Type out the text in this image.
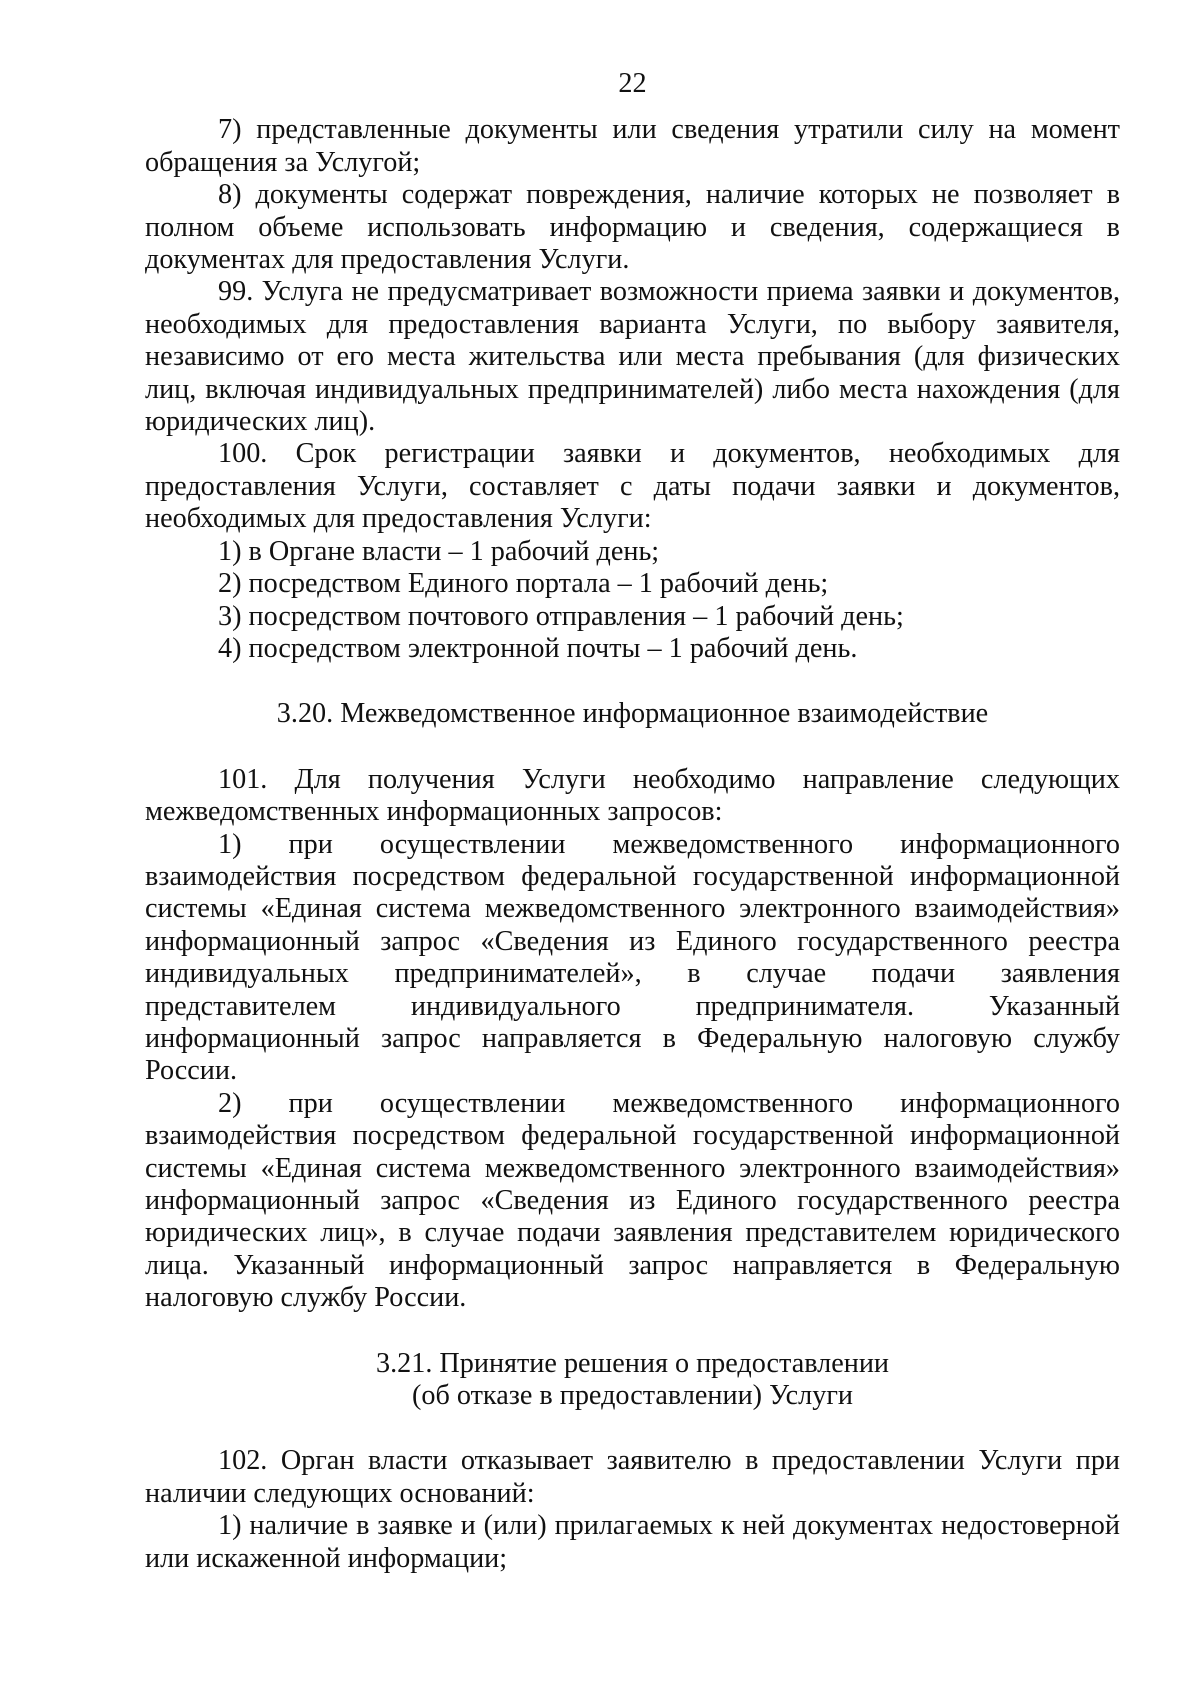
22

7) представленные документы или сведения утратили силу на момент обращения за Услугой;

8) документы содержат повреждения, наличие которых не позволяет в полном объеме использовать информацию и сведения, содержащиеся в документах для предоставления Услуги.

99. Услуга не предусматривает возможности приема заявки и документов, необходимых для предоставления варианта Услуги, по выбору заявителя, независимо от его места жительства или места пребывания (для физических лиц, включая индивидуальных предпринимателей) либо места нахождения (для юридических лиц).

100. Срок регистрации заявки и документов, необходимых для предоставления Услуги, составляет с даты подачи заявки и документов, необходимых для предоставления Услуги:

1) в Органе власти – 1 рабочий день;

2) посредством Единого портала – 1 рабочий день;

3) посредством почтового отправления – 1 рабочий день;

4) посредством электронной почты – 1 рабочий день.

3.20. Межведомственное информационное взаимодействие

101. Для получения Услуги необходимо направление следующих межведомственных информационных запросов:

1) при осуществлении межведомственного информационного взаимодействия посредством федеральной государственной информационной системы «Единая система межведомственного электронного взаимодействия» информационный запрос «Сведения из Единого государственного реестра индивидуальных предпринимателей», в случае подачи заявления представителем индивидуального предпринимателя. Указанный информационный запрос направляется в Федеральную налоговую службу России.

2) при осуществлении межведомственного информационного взаимодействия посредством федеральной государственной информационной системы «Единая система межведомственного электронного взаимодействия» информационный запрос «Сведения из Единого государственного реестра юридических лиц», в случае подачи заявления представителем юридического лица. Указанный информационный запрос направляется в Федеральную налоговую службу России.

3.21. Принятие решения о предоставлении

(об отказе в предоставлении) Услуги

102. Орган власти отказывает заявителю в предоставлении Услуги при наличии следующих оснований:

1) наличие в заявке и (или) прилагаемых к ней документах недостоверной или искаженной информации;
